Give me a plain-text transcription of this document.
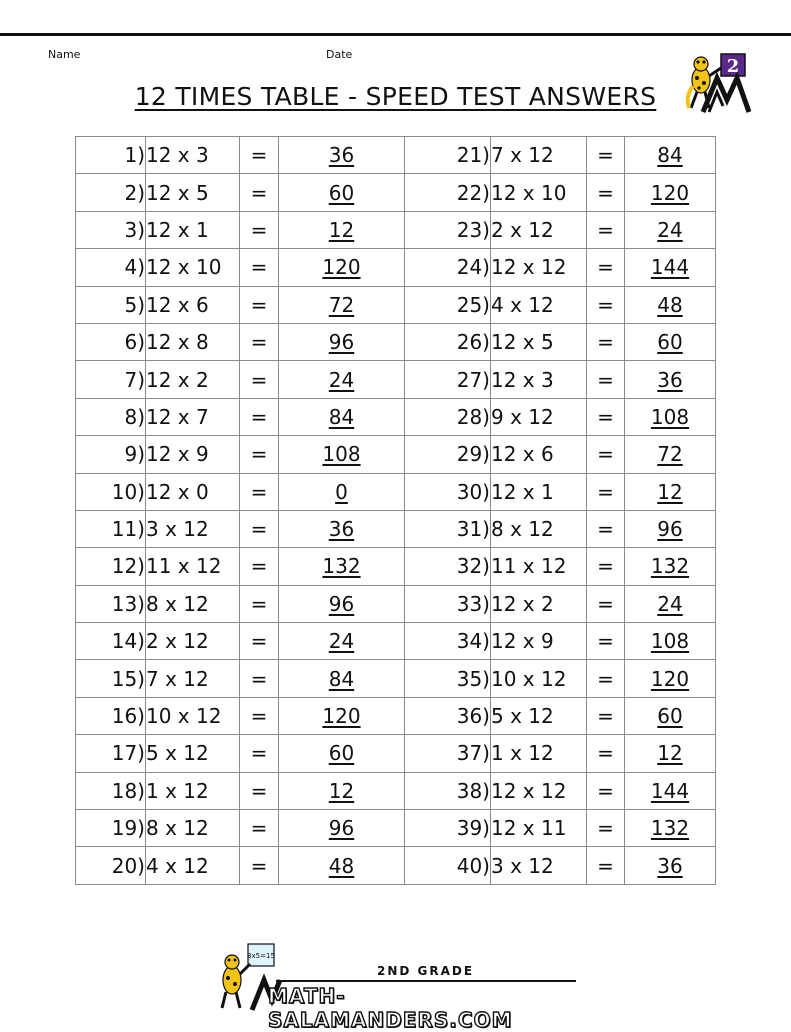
Name	Date
12 TIMES TABLE - SPEED TEST ANSWERS
2
1)	12 x 3	=	36	21)	7 x 12	=	84
2)	12 x 5	=	60	22)	12 x 10	=	120
3)	12 x 1	=	12	23)	2 x 12	=	24
4)	12 x 10	=	120	24)	12 x 12	=	144
5)	12 x 6	=	72	25)	4 x 12	=	48
6)	12 x 8	=	96	26)	12 x 5	=	60
7)	12 x 2	=	24	27)	12 x 3	=	36
8)	12 x 7	=	84	28)	9 x 12	=	108
9)	12 x 9	=	108	29)	12 x 6	=	72
10)	12 x 0	=	0	30)	12 x 1	=	12
11)	3 x 12	=	36	31)	8 x 12	=	96
12)	11 x 12	=	132	32)	11 x 12	=	132
13)	8 x 12	=	96	33)	12 x 2	=	24
14)	2 x 12	=	24	34)	12 x 9	=	108
15)	7 x 12	=	84	35)	10 x 12	=	120
16)	10 x 12	=	120	36)	5 x 12	=	60
17)	5 x 12	=	60	37)	1 x 12	=	12
18)	1 x 12	=	12	38)	12 x 12	=	144
19)	8 x 12	=	96	39)	12 x 11	=	132
20)	4 x 12	=	48	40)	3 x 12	=	36
3x5=15
2ND GRADE
MATH-SALAMANDERS.COM
